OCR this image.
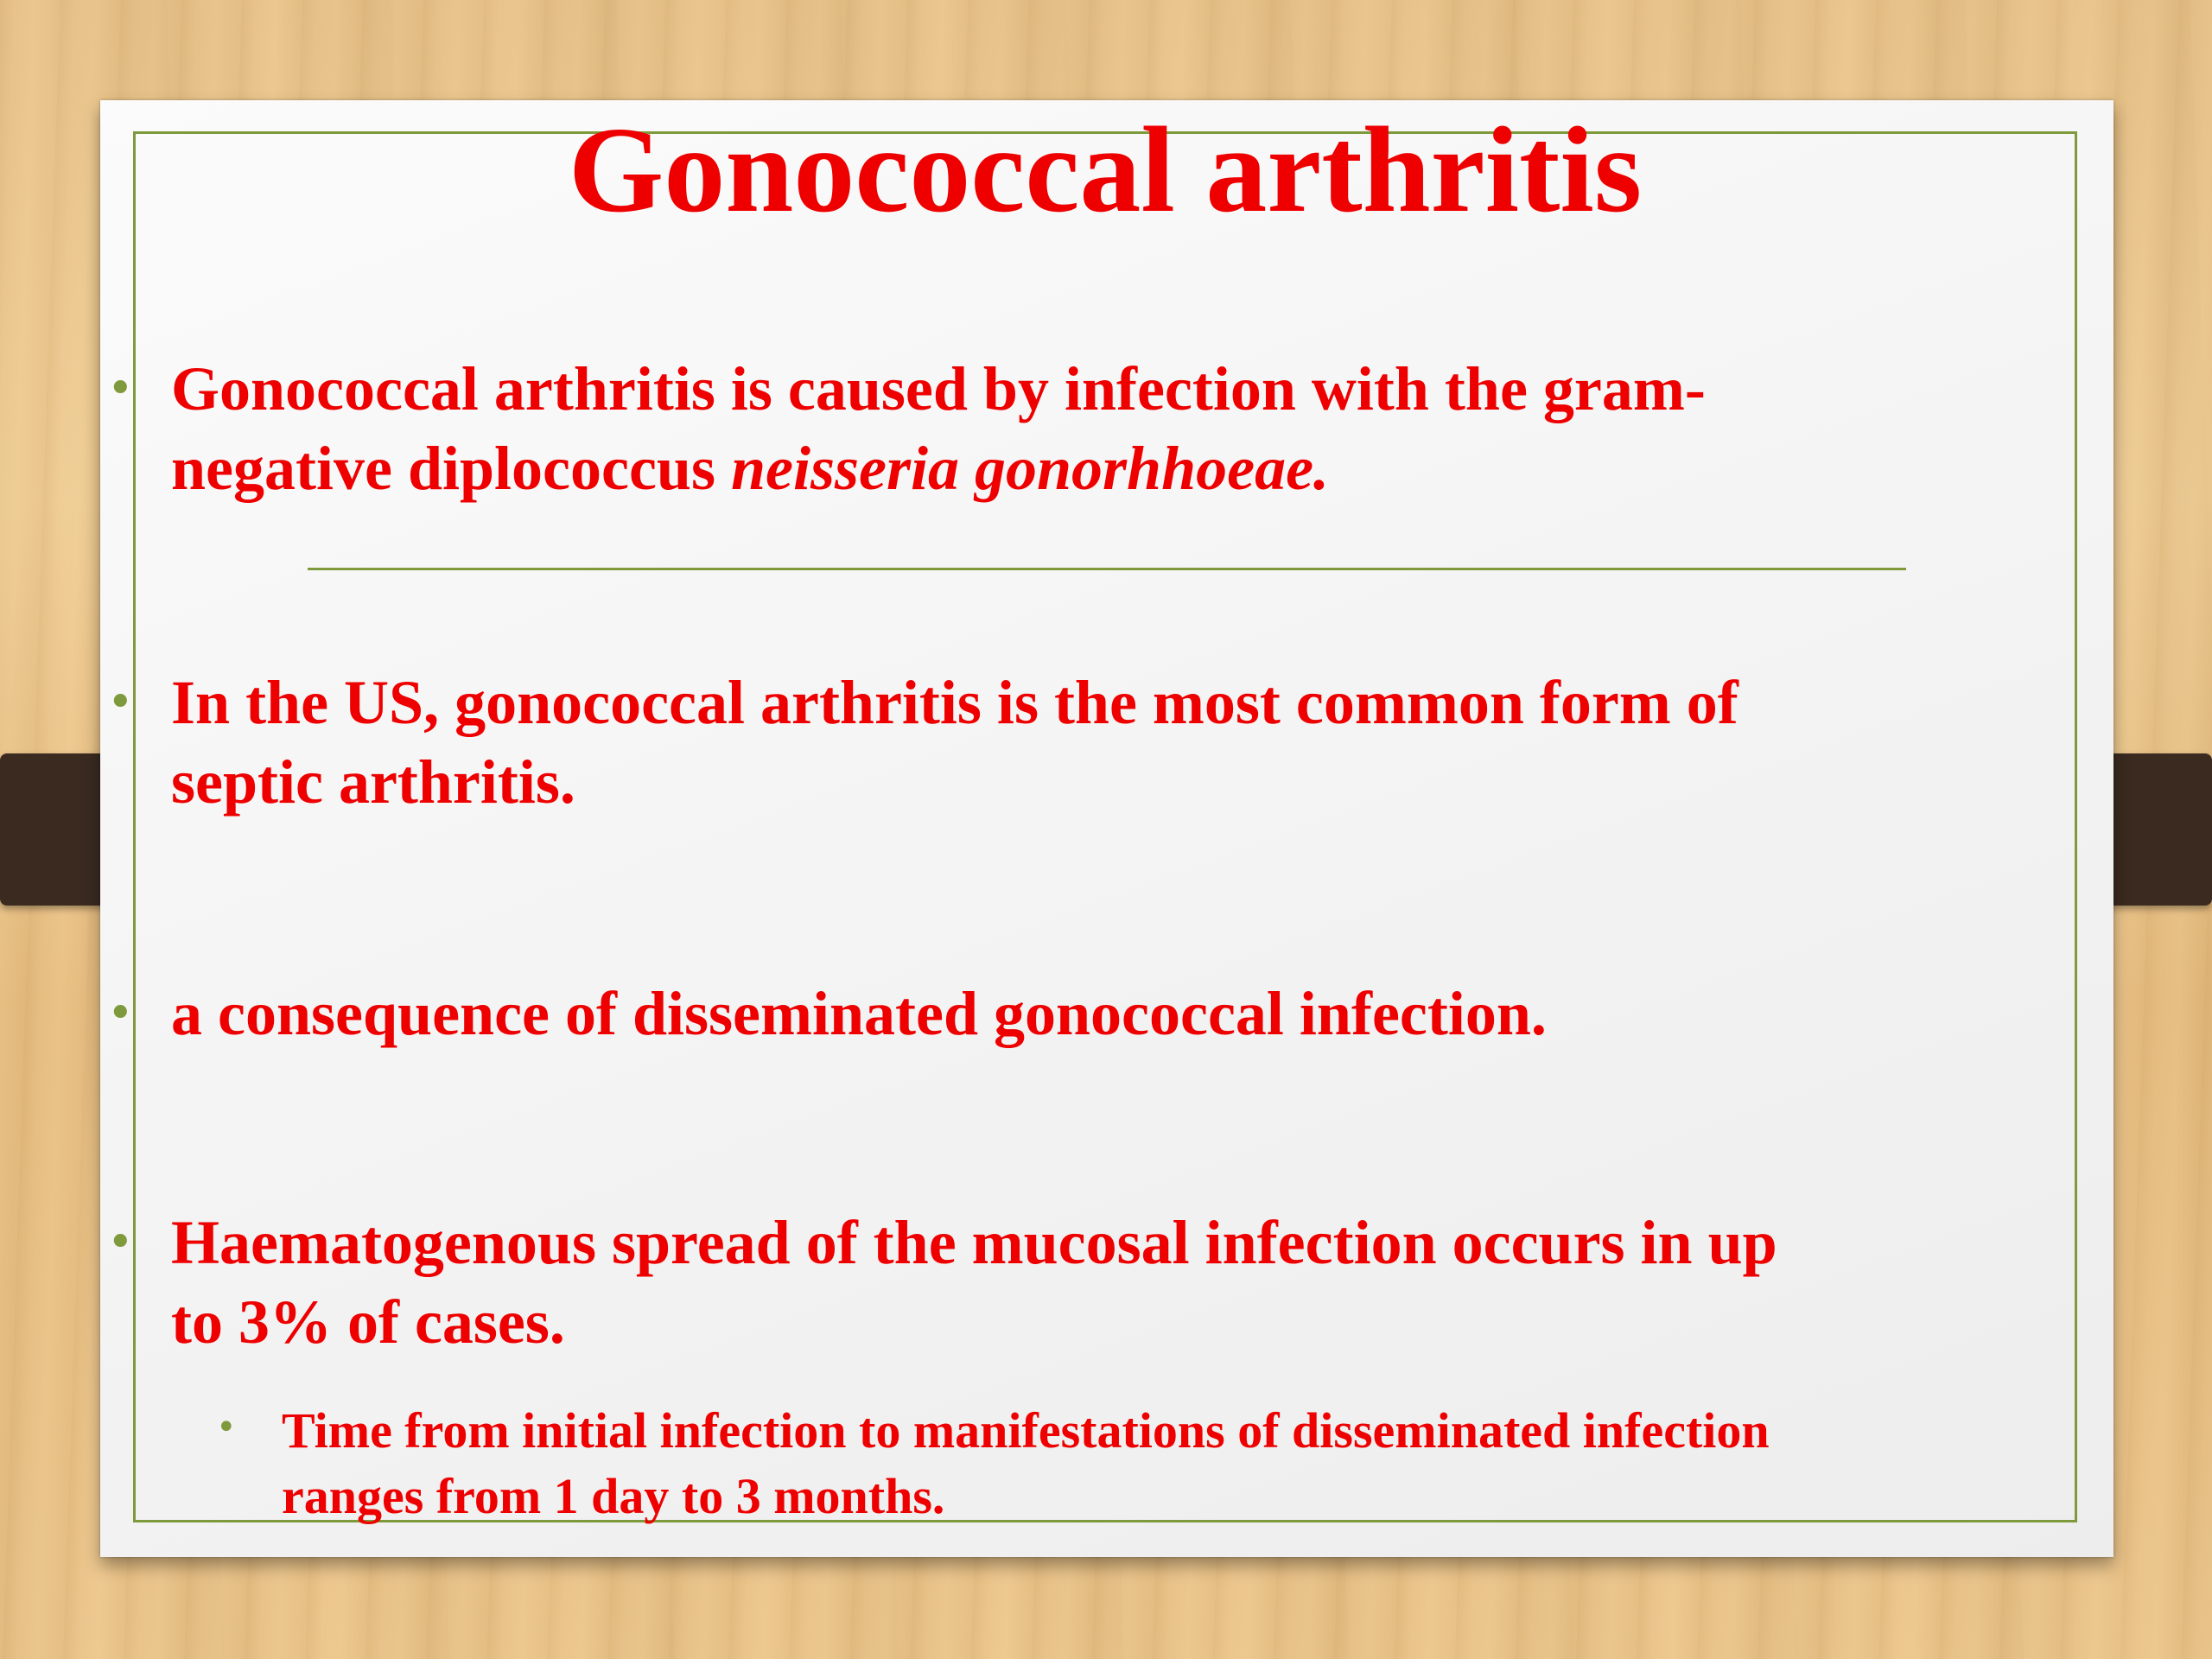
Gonococcal arthritis
• Gonococcal arthritis is caused by infection with the gram-
negative diplococcus neisseria gonorhhoeae.

• In the US, gonococcal arthritis is the most common form of
septic arthritis.

• a consequence of disseminated gonococcal infection.

• Haematogenous spread of the mucosal infection occurs in up
to 3% of cases.

• Time from initial infection to manifestations of disseminated infection
ranges from 1 day to 3 months.
